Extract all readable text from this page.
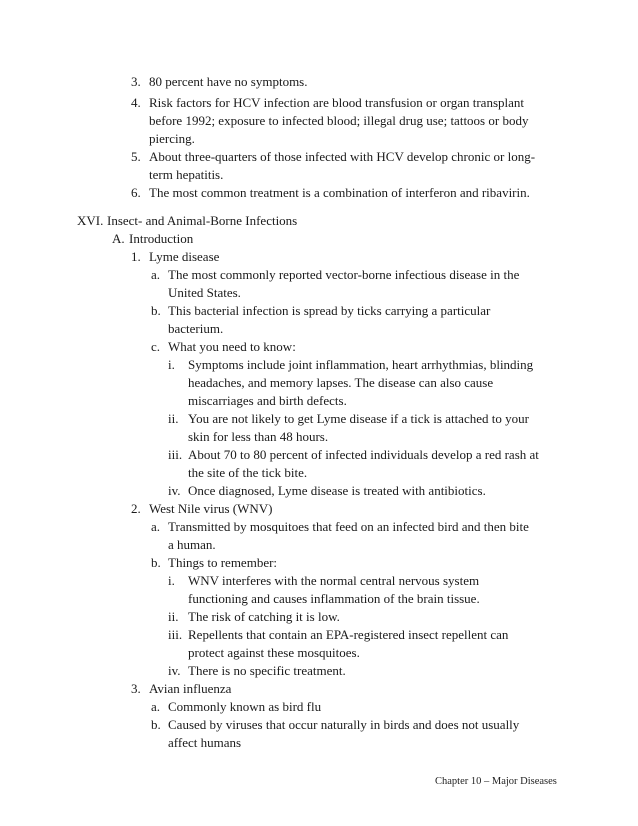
3. 80 percent have no symptoms.
4. Risk factors for HCV infection are blood transfusion or organ transplant
before 1992; exposure to infected blood; illegal drug use; tattoos or body
piercing.
5. About three-quarters of those infected with HCV develop chronic or long-
term hepatitis.
6. The most common treatment is a combination of interferon and ribavirin.
XVI. Insect- and Animal-Borne Infections
A. Introduction
1. Lyme disease
a. The most commonly reported vector-borne infectious disease in the
United States.
b. This bacterial infection is spread by ticks carrying a particular
bacterium.
c. What you need to know:
i. Symptoms include joint inflammation, heart arrhythmias, blinding
headaches, and memory lapses. The disease can also cause
miscarriages and birth defects.
ii. You are not likely to get Lyme disease if a tick is attached to your
skin for less than 48 hours.
iii. About 70 to 80 percent of infected individuals develop a red rash at
the site of the tick bite.
iv. Once diagnosed, Lyme disease is treated with antibiotics.
2. West Nile virus (WNV)
a. Transmitted by mosquitoes that feed on an infected bird and then bite
a human.
b. Things to remember:
i. WNV interferes with the normal central nervous system
functioning and causes inflammation of the brain tissue.
ii. The risk of catching it is low.
iii. Repellents that contain an EPA-registered insect repellent can
protect against these mosquitoes.
iv. There is no specific treatment.
3. Avian influenza
a. Commonly known as bird flu
b. Caused by viruses that occur naturally in birds and does not usually
affect humans
Chapter 10 – Major Diseases
